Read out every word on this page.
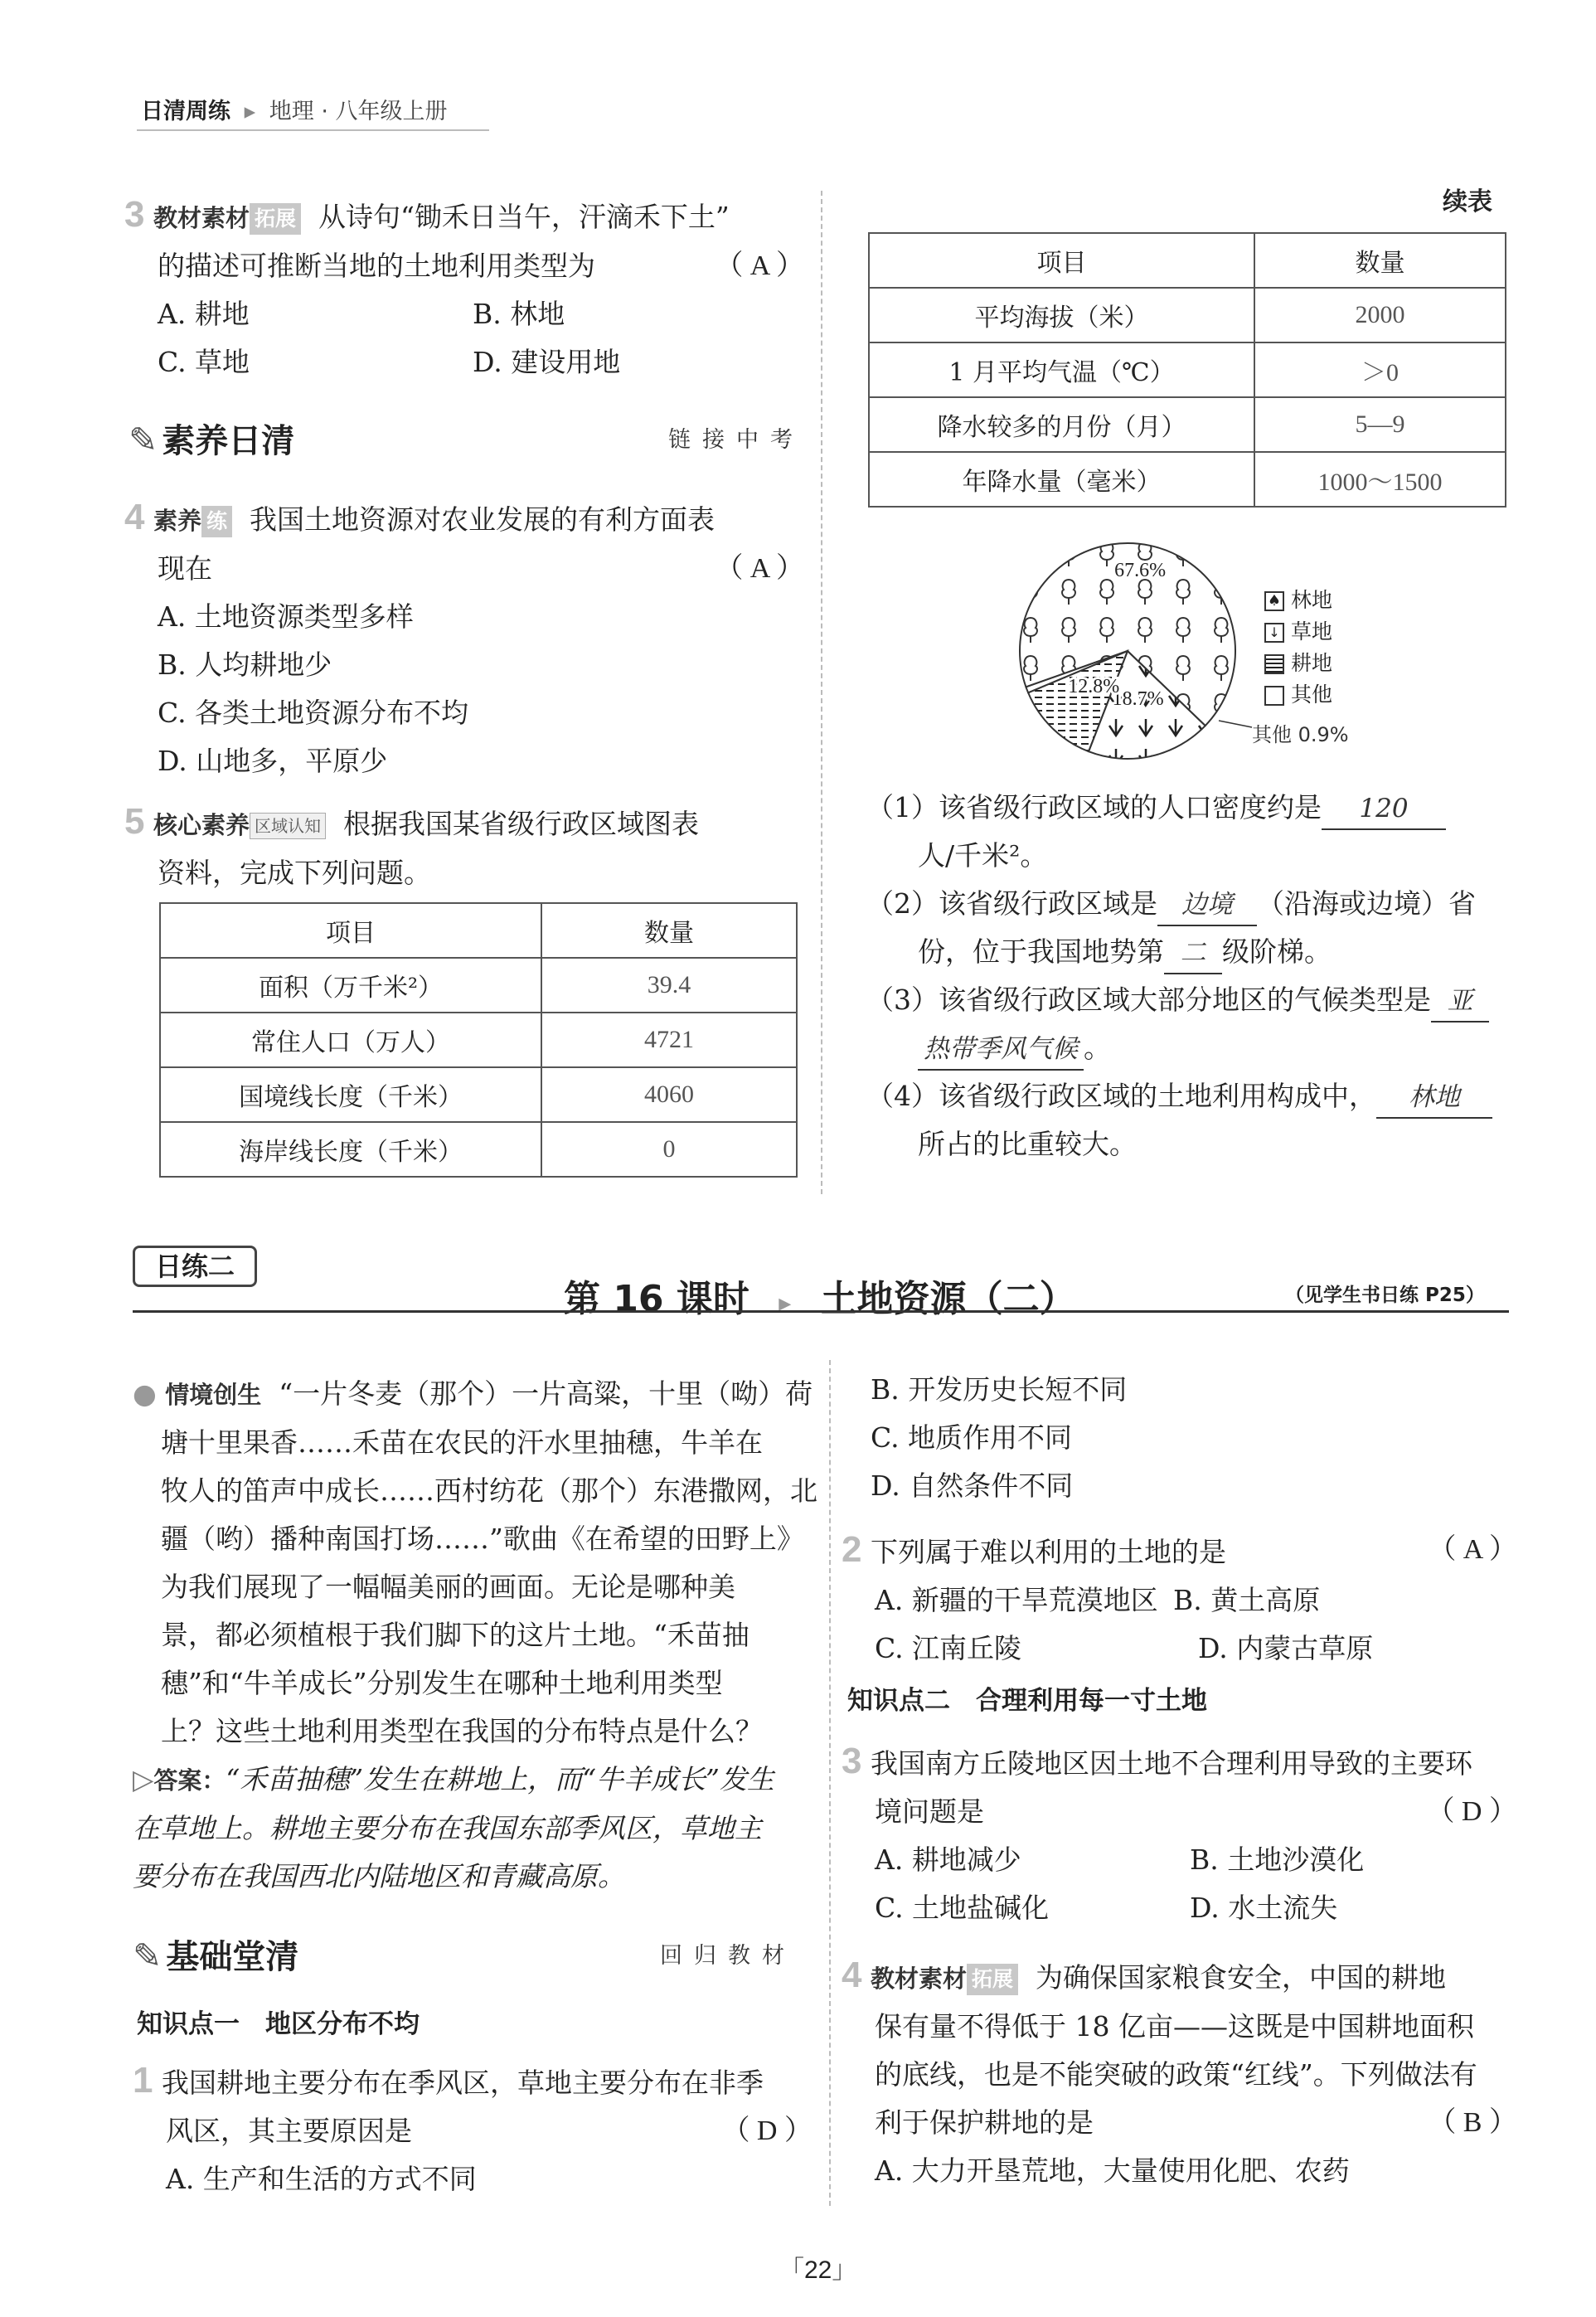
日清周练 ▸ 地理 · 八年级上册
3 教材素材 拓展 从诗句“锄禾日当午，汗滴禾下土”
的描述可推断当地的土地利用类型为	（ A ）
A. 耕地	B. 林地
C. 草地	D. 建设用地
✎ 素养日清	链接中考
4 素养 练 我国土地资源对农业发展的有利方面表
现在	（ A ）
A. 土地资源类型多样
B. 人均耕地少
C. 各类土地资源分布不均
D. 山地多，平原少
5 核心素养 区域认知 根据我国某省级行政区域图表
资料，完成下列问题。
项目	数量
面积（万千米²）	39.4
常住人口（万人）	4721
国境线长度（千米）	4060
海岸线长度（千米）	0
续表
项目	数量
平均海拔（米）	2000
1 月平均气温（℃）	＞0
降水较多的月份（月）	5—9
年降水量（毫米）	1000～1500
67.6%
18.7%
12.8%
♠ 林地
↓ 草地
耕地
其他
其他 0.9%
（1）该省级行政区域的人口密度约是 120
人/千米²。
（2）该省级行政区域是 边境 （沿海或边境）省
份，位于我国地势第 二 级阶梯。
（3）该省级行政区域大部分地区的气候类型是 亚
热带季风气候 。
（4）该省级行政区域的土地利用构成中， 林地
所占的比重较大。
日练二
第 16 课时 ▸ 土地资源（二）	（见学生书日练 P25）
● 情境创生 “一片冬麦（那个）一片高粱，十里（呦）荷
塘十里果香……禾苗在农民的汗水里抽穗，牛羊在
牧人的笛声中成长……西村纺花（那个）东港撒网，北
疆（哟）播种南国打场……”歌曲《在希望的田野上》
为我们展现了一幅幅美丽的画面。无论是哪种美
景，都必须植根于我们脚下的这片土地。“禾苗抽
穗”和“牛羊成长”分别发生在哪种土地利用类型
上？这些土地利用类型在我国的分布特点是什么？
▷答案：“禾苗抽穗”发生在耕地上，而“牛羊成长”发生
在草地上。耕地主要分布在我国东部季风区，草地主
要分布在我国西北内陆地区和青藏高原。
✎ 基础堂清	回归教材
知识点一　地区分布不均
1 我国耕地主要分布在季风区，草地主要分布在非季
风区，其主要原因是	（ D ）
A. 生产和生活的方式不同
B. 开发历史长短不同
C. 地质作用不同
D. 自然条件不同
2 下列属于难以利用的土地的是	（ A ）
A. 新疆的干旱荒漠地区 B. 黄土高原
C. 江南丘陵	D. 内蒙古草原
知识点二　合理利用每一寸土地
3 我国南方丘陵地区因土地不合理利用导致的主要环
境问题是	（ D ）
A. 耕地减少	B. 土地沙漠化
C. 土地盐碱化	D. 水土流失
4 教材素材 拓展 为确保国家粮食安全，中国的耕地
保有量不得低于 18 亿亩——这既是中国耕地面积
的底线，也是不能突破的政策“红线”。下列做法有
利于保护耕地的是	（ B ）
A. 大力开垦荒地，大量使用化肥、农药
「22」
